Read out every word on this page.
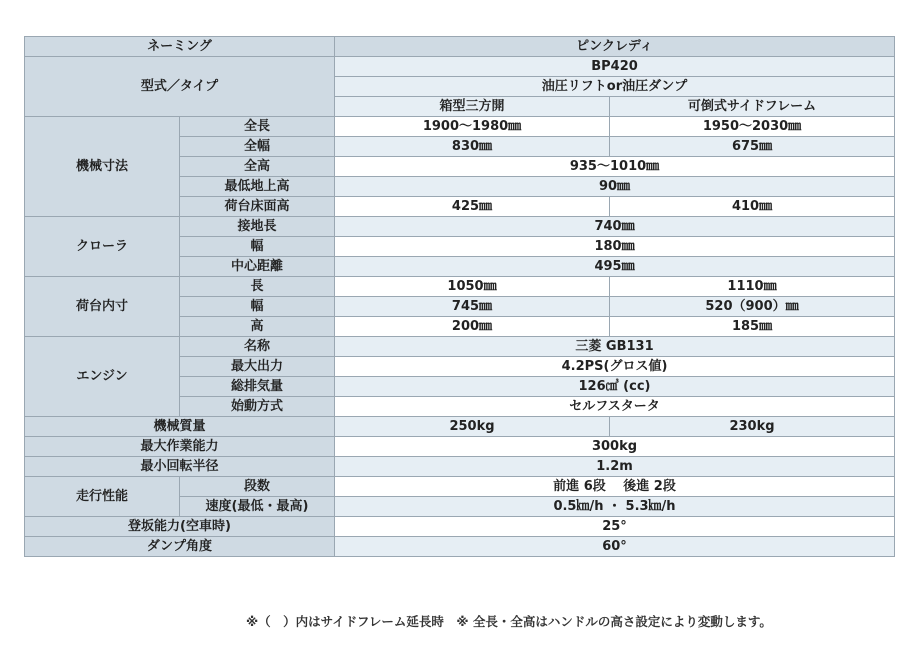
ネーミング		ピンクレディ	
型式／タイプ		BP420	
		油圧リフトor油圧ダンプ	
		箱型三方開	可倒式サイドフレーム
機械寸法	全長	1900〜1980㎜	1950〜2030㎜
	全幅	830㎜	675㎜
	全高	935〜1010㎜	
	最低地上高	90㎜	
	荷台床面高	425㎜	410㎜
クローラ	接地長	740㎜	
	幅	180㎜	
	中心距離	495㎜	
荷台内寸	長	1050㎜	1110㎜
	幅	745㎜	520（900）㎜
	高	200㎜	185㎜
エンジン	名称	三菱 GB131	
	最大出力	4.2PS(グロス値)	
	総排気量	126㎤ (cc)	
	始動方式	セルフスタータ	
機械質量		250kg	230kg
最大作業能力		300kg	
最小回転半径		1.2m	
走行性能	段数	前進 6段　 後進 2段	
	速度(最低・最高)	0.5㎞/h ・ 5.3㎞/h	
登坂能力(空車時)		25°	
ダンプ角度		60°	
※（　）内はサイドフレーム延長時　※ 全長・全高はハンドルの高さ設定により変動します。
